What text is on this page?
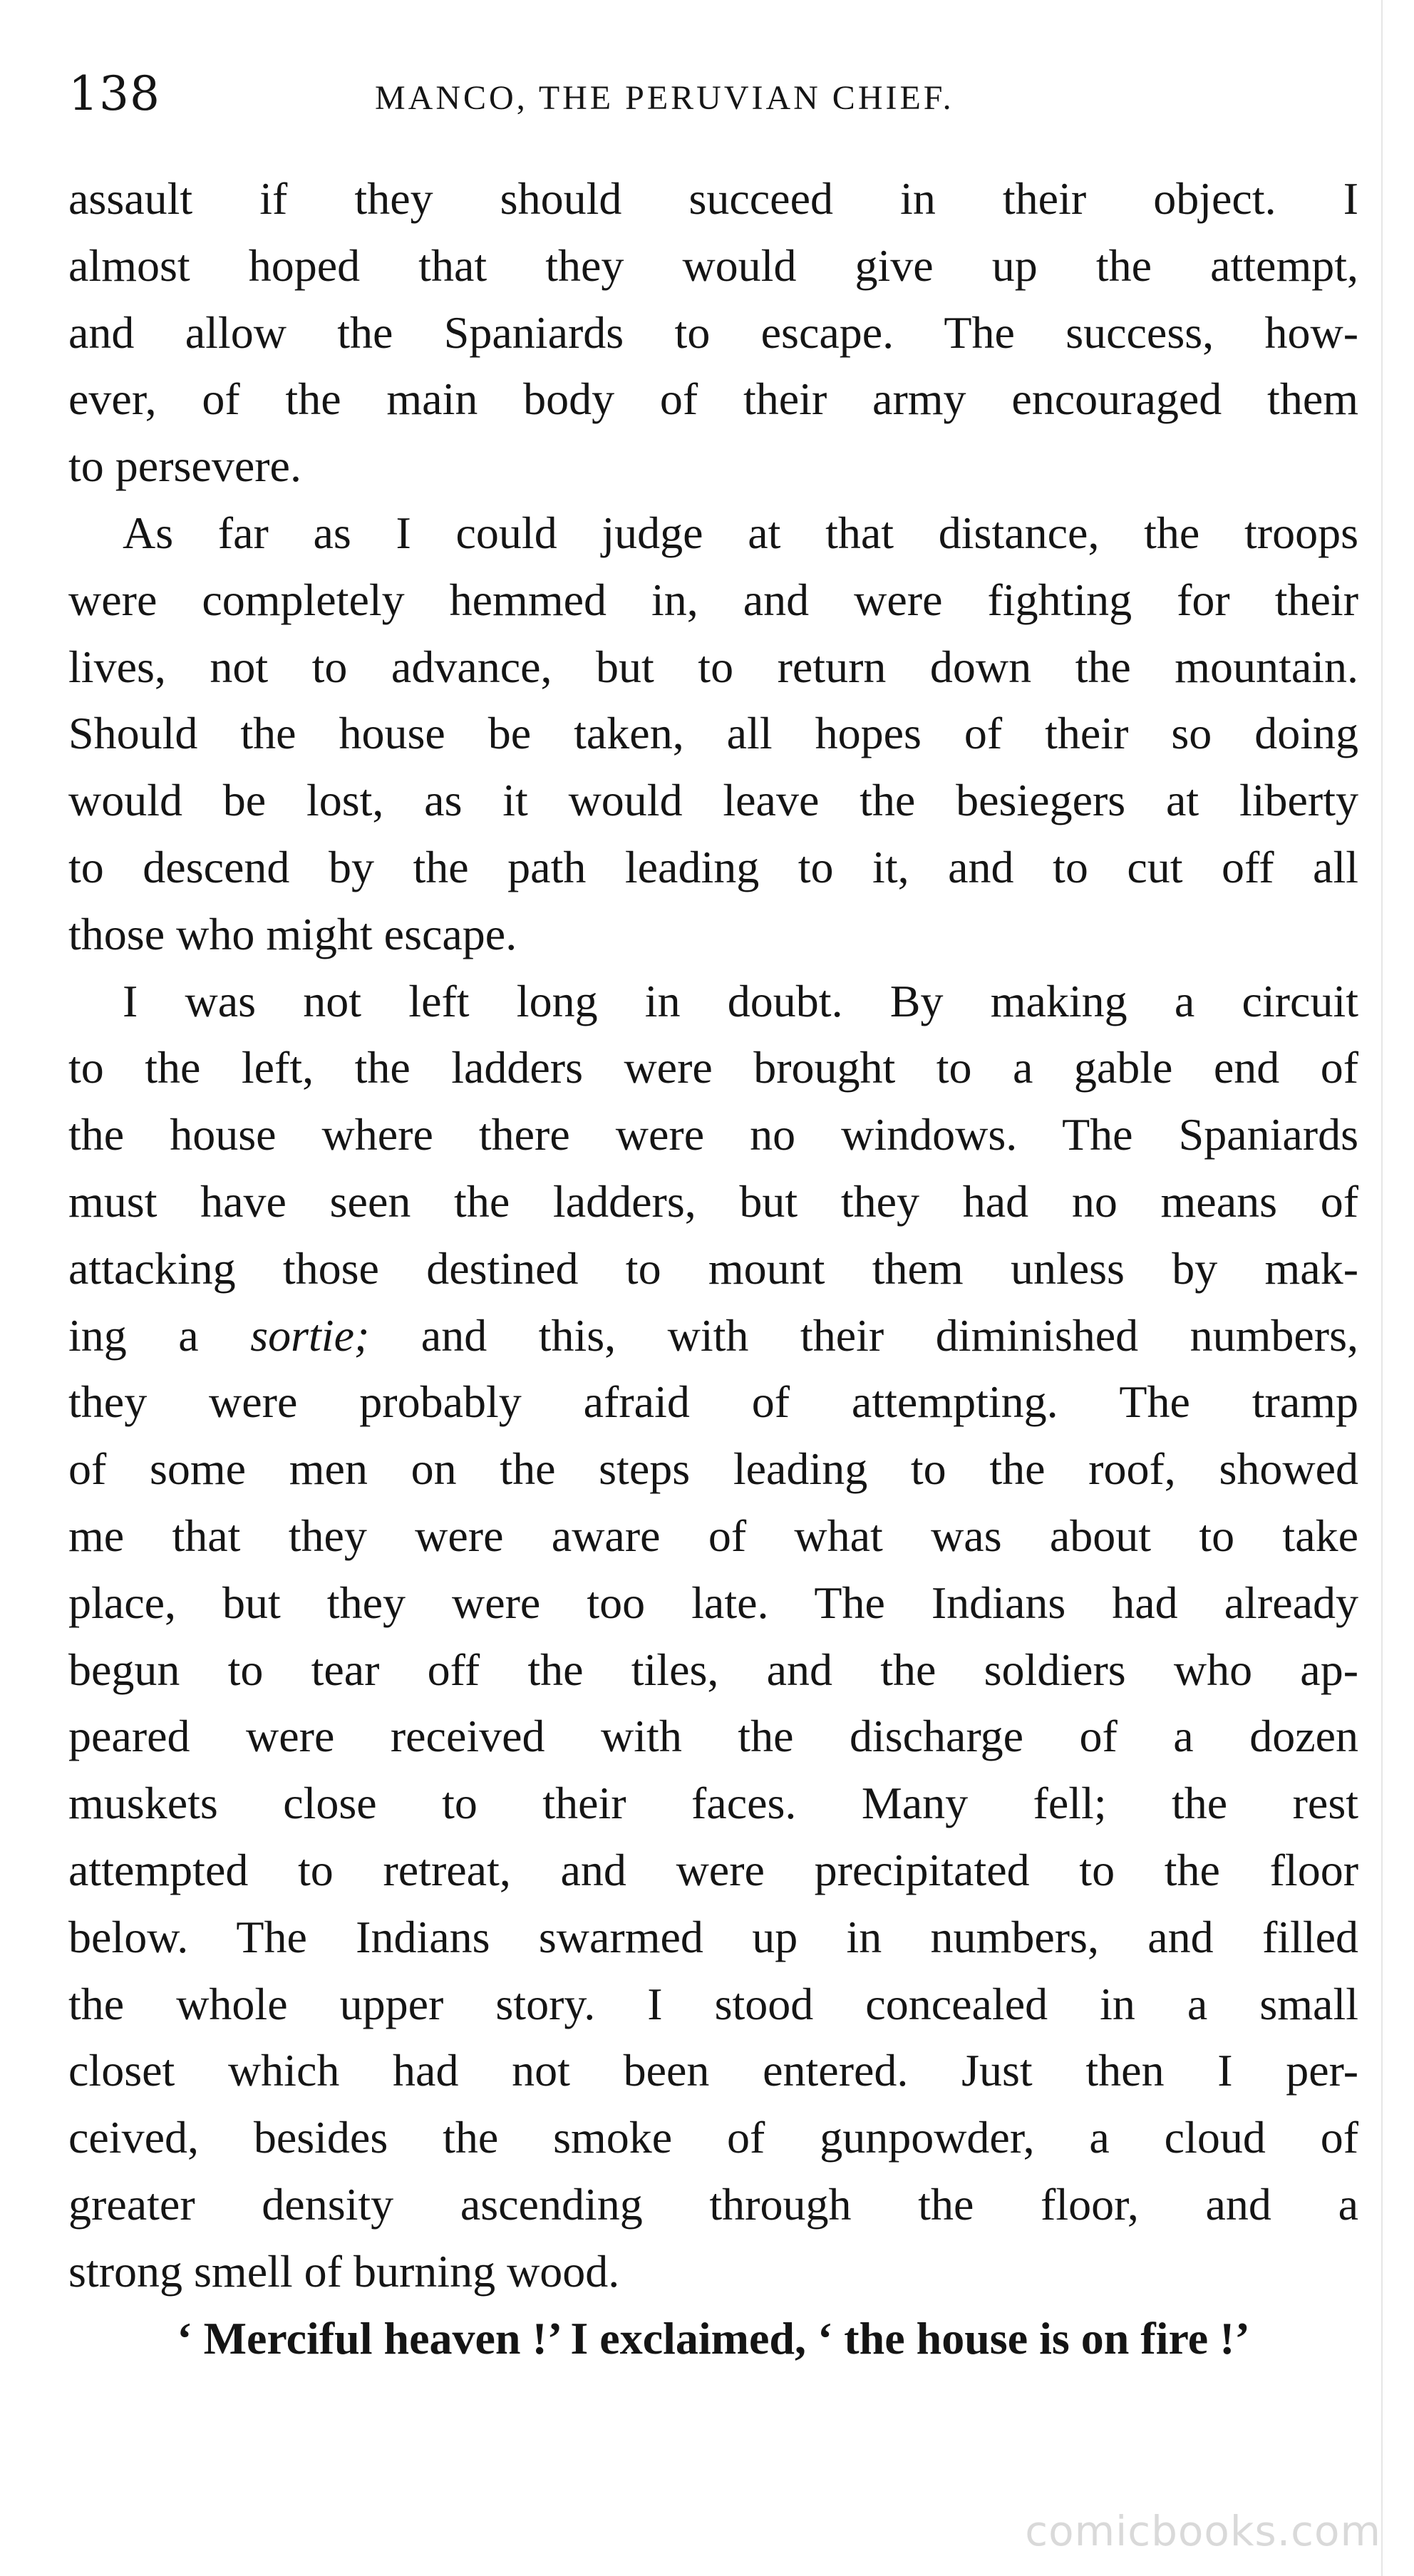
138	MANCO, THE PERUVIAN CHIEF.
assault if they should succeed in their object. I
almost hoped that they would give up the attempt,
and allow the Spaniards to escape. The success, how-
ever, of the main body of their army encouraged them
to persevere.
As far as I could judge at that distance, the troops
were completely hemmed in, and were fighting for their
lives, not to advance, but to return down the mountain.
Should the house be taken, all hopes of their so doing
would be lost, as it would leave the besiegers at liberty
to descend by the path leading to it, and to cut off all
those who might escape.
I was not left long in doubt. By making a circuit
to the left, the ladders were brought to a gable end of
the house where there were no windows. The Spaniards
must have seen the ladders, but they had no means of
attacking those destined to mount them unless by mak-
ing a sortie; and this, with their diminished numbers,
they were probably afraid of attempting. The tramp
of some men on the steps leading to the roof, showed
me that they were aware of what was about to take
place, but they were too late. The Indians had already
begun to tear off the tiles, and the soldiers who ap-
peared were received with the discharge of a dozen
muskets close to their faces. Many fell; the rest
attempted to retreat, and were precipitated to the floor
below. The Indians swarmed up in numbers, and filled
the whole upper story. I stood concealed in a small
closet which had not been entered. Just then I per-
ceived, besides the smoke of gunpowder, a cloud of
greater density ascending through the floor, and a
strong smell of burning wood.
‘ Merciful heaven !’ I exclaimed, ‘ the house is on fire !’
comicbooks.com
